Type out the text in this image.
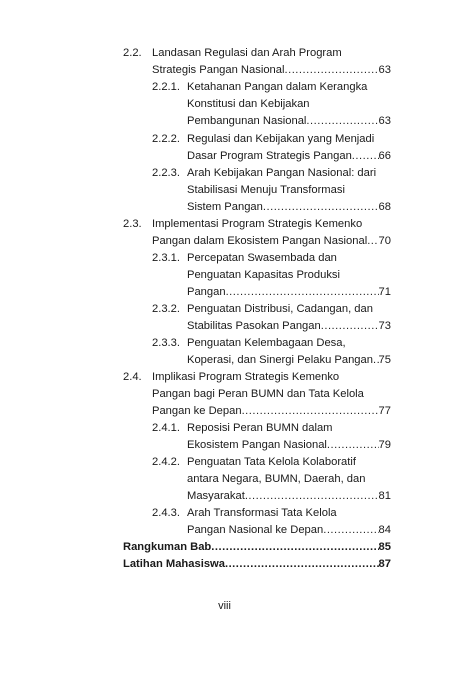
2.2. Landasan Regulasi dan Arah Program
Strategis Pangan Nasional .....	63
2.2.1. Ketahanan Pangan dalam Kerangka
Konstitusi dan Kebijakan
Pembangunan Nasional .....	63
2.2.2. Regulasi dan Kebijakan yang Menjadi
Dasar Program Strategis Pangan ..... 66
2.2.3. Arah Kebijakan Pangan Nasional: dari
Stabilisasi Menuju Transformasi
Sistem Pangan .....	68
2.3. Implementasi Program Strategis Kemenko
Pangan dalam Ekosistem Pangan Nasional ..... 70
2.3.1. Percepatan Swasembada dan
Penguatan Kapasitas Produksi
Pangan .....	71
2.3.2. Penguatan Distribusi, Cadangan, dan
Stabilitas Pasokan Pangan .....	73
2.3.3. Penguatan Kelembagaan Desa,
Koperasi, dan Sinergi Pelaku Pangan ..... 75
2.4. Implikasi Program Strategis Kemenko
Pangan bagi Peran BUMN dan Tata Kelola
Pangan ke Depan .....	77
2.4.1. Reposisi Peran BUMN dalam
Ekosistem Pangan Nasional .....	79
2.4.2. Penguatan Tata Kelola Kolaboratif
antara Negara, BUMN, Daerah, dan
Masyarakat .....	81
2.4.3. Arah Transformasi Tata Kelola
Pangan Nasional ke Depan .....	84
Rangkuman Bab .....	85
Latihan Mahasiswa .....	87
viii
